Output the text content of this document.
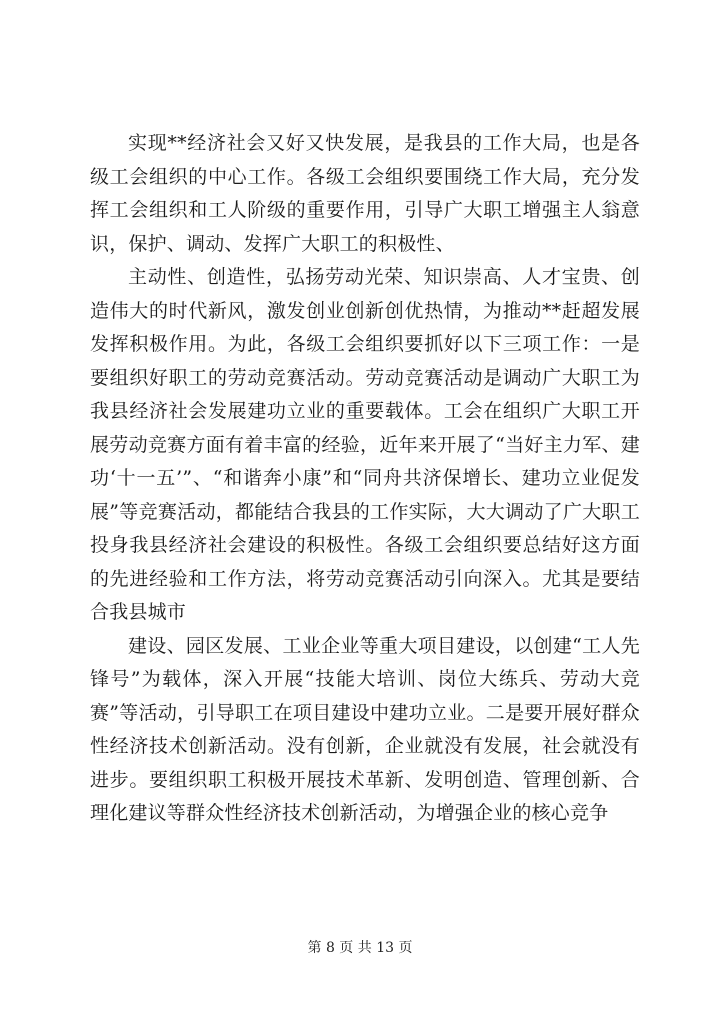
实现**经济社会又好又快发展，是我县的工作大局，也是各级工会组织的中心工作。各级工会组织要围绕工作大局，充分发挥工会组织和工人阶级的重要作用，引导广大职工增强主人翁意识，保护、调动、发挥广大职工的积极性、

主动性、创造性，弘扬劳动光荣、知识崇高、人才宝贵、创造伟大的时代新风，激发创业创新创优热情，为推动**赶超发展发挥积极作用。为此，各级工会组织要抓好以下三项工作：一是要组织好职工的劳动竞赛活动。劳动竞赛活动是调动广大职工为我县经济社会发展建功立业的重要载体。工会在组织广大职工开展劳动竞赛方面有着丰富的经验，近年来开展了“当好主力军、建功‘十一五’”、“和谐奔小康”和“同舟共济保增长、建功立业促发展”等竞赛活动，都能结合我县的工作实际，大大调动了广大职工投身我县经济社会建设的积极性。各级工会组织要总结好这方面的先进经验和工作方法，将劳动竞赛活动引向深入。尤其是要结合我县城市

建设、园区发展、工业企业等重大项目建设，以创建“工人先锋号”为载体，深入开展“技能大培训、岗位大练兵、劳动大竞赛”等活动，引导职工在项目建设中建功立业。二是要开展好群众性经济技术创新活动。没有创新，企业就没有发展，社会就没有进步。要组织职工积极开展技术革新、发明创造、管理创新、合理化建议等群众性经济技术创新活动，为增强企业的核心竞争

第 8 页 共 13 页
